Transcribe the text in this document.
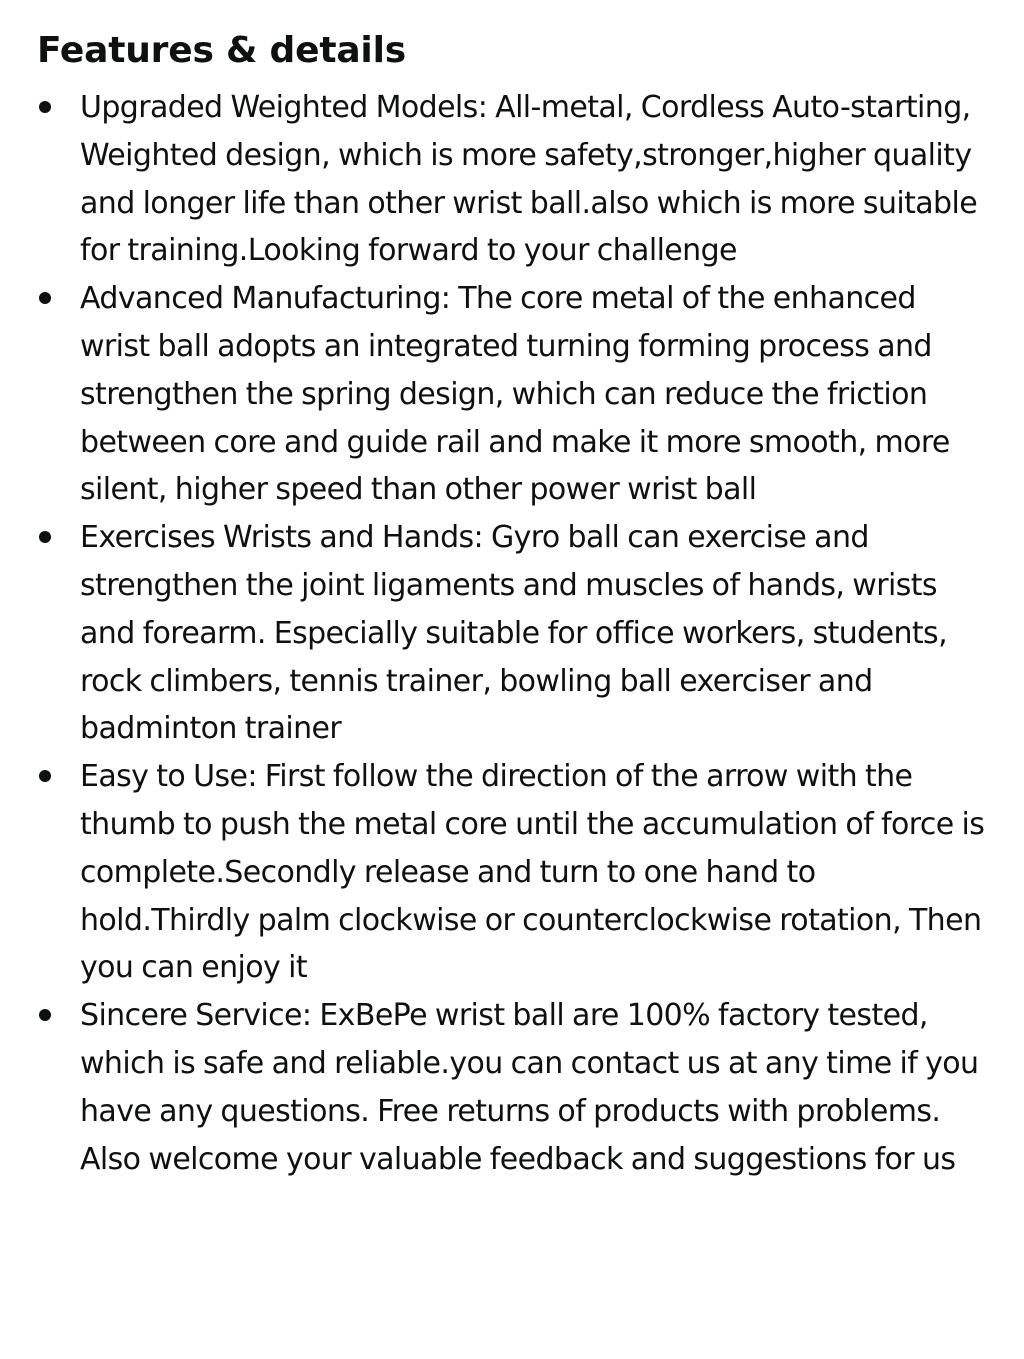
Features & details
Upgraded Weighted Models: All-metal, Cordless Auto-starting, Weighted design, which is more safety,stronger,higher quality and longer life than other wrist ball.also which is more suitable for training.Looking forward to your challenge
Advanced Manufacturing: The core metal of the enhanced wrist ball adopts an integrated turning forming process and strengthen the spring design, which can reduce the friction between core and guide rail and make it more smooth, more silent, higher speed than other power wrist ball
Exercises Wrists and Hands: Gyro ball can exercise and strengthen the joint ligaments and muscles of hands, wrists and forearm. Especially suitable for office workers, students, rock climbers, tennis trainer, bowling ball exerciser and badminton trainer
Easy to Use: First follow the direction of the arrow with the thumb to push the metal core until the accumulation of force is complete.Secondly release and turn to one hand to hold.Thirdly palm clockwise or counterclockwise rotation, Then you can enjoy it
Sincere Service: ExBePe wrist ball are 100% factory tested, which is safe and reliable.you can contact us at any time if you have any questions. Free returns of products with problems. Also welcome your valuable feedback and suggestions for us
